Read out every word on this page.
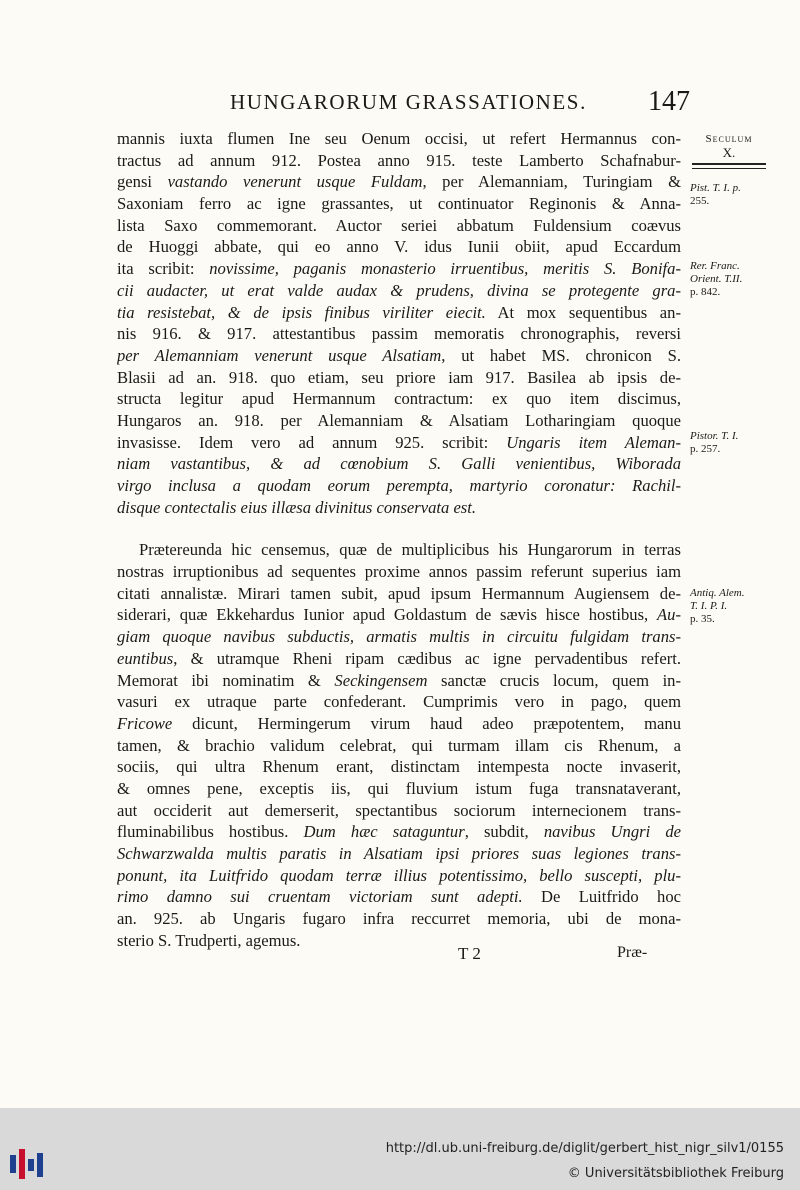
HUNGARORUM GRASSATIONES. 147
Seculum
X.
Pist. T. I. p.
255.
Rer. Franc.
Orient. T.II.
p. 842.
Pistor. T. I.
p. 257.
Antiq. Alem.
T. I. P. I.
p. 35.
mannis iuxta flumen Ine seu Oenum occisi, ut refert Hermannus con-
tractus ad annum 912. Postea anno 915. teste Lamberto Schafnabur-
gensi vastando venerunt usque Fuldam, per Alemanniam, Turingiam &
Saxoniam ferro ac igne grassantes, ut continuator Reginonis & Anna-
lista Saxo commemorant. Auctor seriei abbatum Fuldensium coævus
de Huoggi abbate, qui eo anno V. idus Iunii obiit, apud Eccardum
ita scribit: novissime, paganis monasterio irruentibus, meritis S. Bonifa-
cii audacter, ut erat valde audax & prudens, divina se protegente gra-
tia resistebat, & de ipsis finibus viriliter eiecit. At mox sequentibus an-
nis 916. & 917. attestantibus passim memoratis chronographis, reversi
per Alemanniam venerunt usque Alsatiam, ut habet MS. chronicon S.
Blasii ad an. 918. quo etiam, seu priore iam 917. Basilea ab ipsis de-
structa legitur apud Hermannum contractum: ex quo item discimus,
Hungaros an. 918. per Alemanniam & Alsatiam Lotharingiam quoque
invasisse. Idem vero ad annum 925. scribit: Ungaris item Aleman-
niam vastantibus, & ad cœnobium S. Galli venientibus, Wiborada
virgo inclusa a quodam eorum perempta, martyrio coronatur: Rachil-
disque contectalis eius illæsa divinitus conservata est.
Prætereunda hic censemus, quæ de multiplicibus his Hungarorum in terras
nostras irruptionibus ad sequentes proxime annos passim referunt superius iam
citati annalistæ. Mirari tamen subit, apud ipsum Hermannum Augiensem de-
siderari, quæ Ekkehardus Iunior apud Goldastum de sævis hisce hostibus, Au-
giam quoque navibus subductis, armatis multis in circuitu fulgidam trans-
euntibus, & utramque Rheni ripam cædibus ac igne pervadentibus refert.
Memorat ibi nominatim & Seckingensem sanctæ crucis locum, quem in-
vasuri ex utraque parte confederant. Cumprimis vero in pago, quem
Fricowe dicunt, Hermingerum virum haud adeo præpotentem, manu
tamen, & brachio validum celebrat, qui turmam illam cis Rhenum, a
sociis, qui ultra Rhenum erant, distinctam intempesta nocte invaserit,
& omnes pene, exceptis iis, qui fluvium istum fuga transnataverant,
aut occiderit aut demerserit, spectantibus sociorum internecionem trans-
fluminabilibus hostibus. Dum hæc sataguntur, subdit, navibus Ungri de
Schwarzwalda multis paratis in Alsatiam ipsi priores suas legiones trans-
ponunt, ita Luitfrido quodam terræ illius potentissimo, bello suscepti, plu-
rimo damno sui cruentam victoriam sunt adepti. De Luitfrido hoc
an. 925. ab Ungaris fugaro infra reccurret memoria, ubi de mona-
sterio S. Trudperti, agemus.
T 2	Præ-
http://dl.ub.uni-freiburg.de/diglit/gerbert_hist_nigr_silv1/0155
© Universitätsbibliothek Freiburg
